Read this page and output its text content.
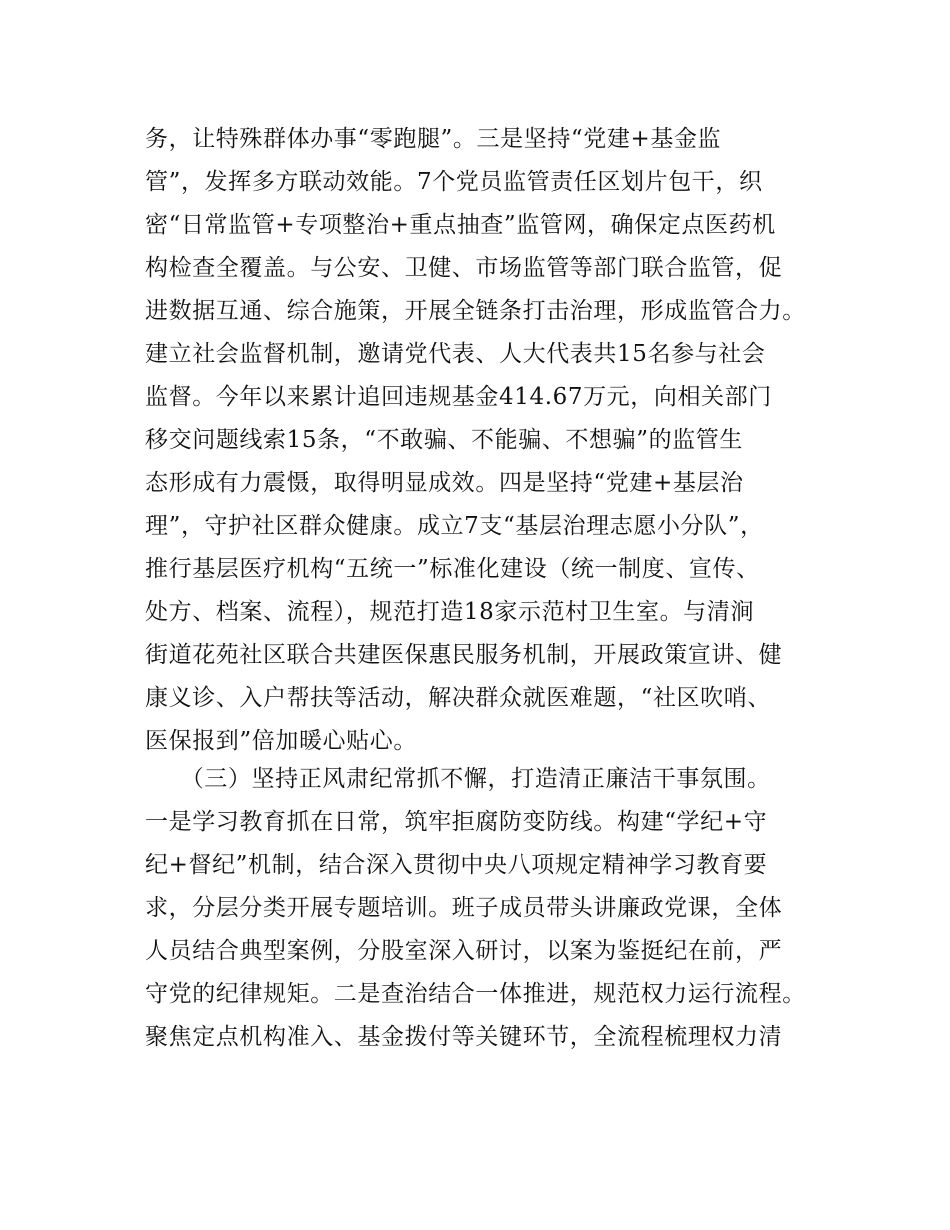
务，让特殊群体办事“零跑腿”。三是坚持“党建+基金监
管”，发挥多方联动效能。7个党员监管责任区划片包干，织
密“日常监管+专项整治+重点抽查”监管网，确保定点医药机
构检查全覆盖。与公安、卫健、市场监管等部门联合监管，促
进数据互通、综合施策，开展全链条打击治理，形成监管合力。
建立社会监督机制，邀请党代表、人大代表共15名参与社会
监督。今年以来累计追回违规基金414.67万元，向相关部门
移交问题线索15条，“不敢骗、不能骗、不想骗”的监管生
态形成有力震慑，取得明显成效。四是坚持“党建+基层治
理”，守护社区群众健康。成立7支“基层治理志愿小分队”，
推行基层医疗机构“五统一”标准化建设（统一制度、宣传、
处方、档案、流程），规范打造18家示范村卫生室。与清涧
街道花苑社区联合共建医保惠民服务机制，开展政策宣讲、健
康义诊、入户帮扶等活动，解决群众就医难题，“社区吹哨、
医保报到”倍加暖心贴心。
　　（三）坚持正风肃纪常抓不懈，打造清正廉洁干事氛围。
一是学习教育抓在日常，筑牢拒腐防变防线。构建“学纪+守
纪+督纪”机制，结合深入贯彻中央八项规定精神学习教育要
求，分层分类开展专题培训。班子成员带头讲廉政党课，全体
人员结合典型案例，分股室深入研讨，以案为鉴挺纪在前，严
守党的纪律规矩。二是查治结合一体推进，规范权力运行流程。
聚焦定点机构准入、基金拨付等关键环节，全流程梳理权力清
